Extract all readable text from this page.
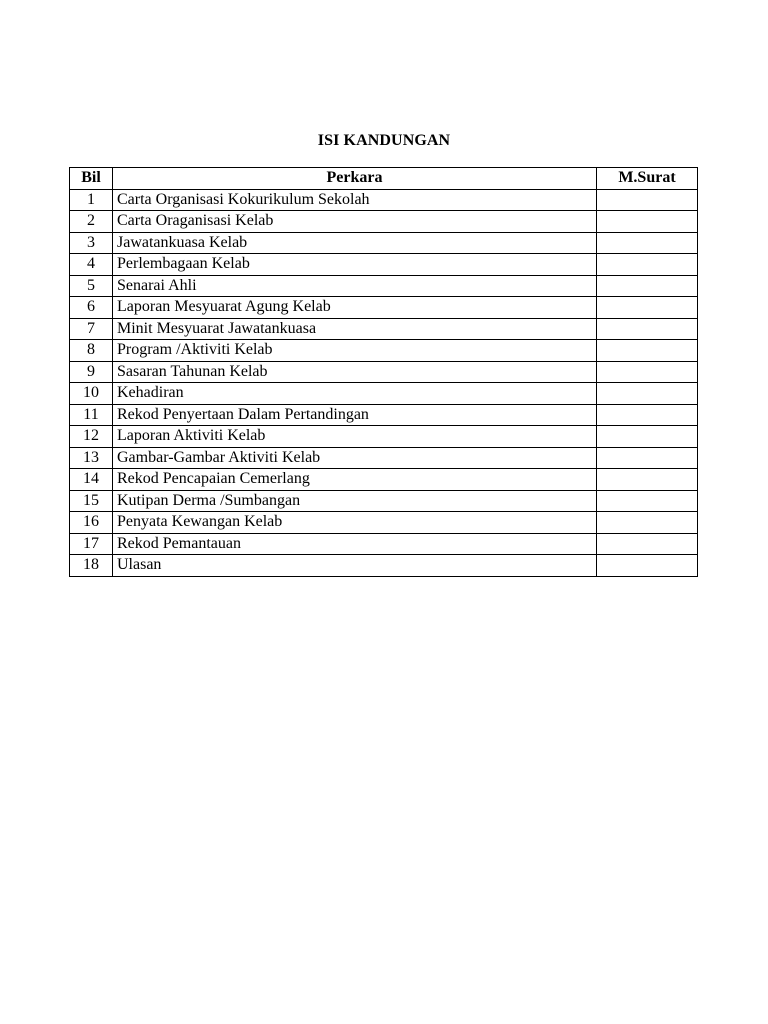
ISI KANDUNGAN
Bil	Perkara	M.Surat
1	Carta Organisasi Kokurikulum Sekolah	
2	Carta Oraganisasi Kelab	
3	Jawatankuasa Kelab	
4	Perlembagaan Kelab	
5	Senarai Ahli	
6	Laporan Mesyuarat Agung Kelab	
7	Minit Mesyuarat Jawatankuasa	
8	Program /Aktiviti Kelab	
9	Sasaran Tahunan Kelab	
10	Kehadiran	
11	Rekod Penyertaan Dalam Pertandingan	
12	Laporan Aktiviti Kelab	
13	Gambar-Gambar Aktiviti Kelab	
14	Rekod Pencapaian Cemerlang	
15	Kutipan Derma /Sumbangan	
16	Penyata Kewangan Kelab	
17	Rekod Pemantauan	
18	Ulasan	
